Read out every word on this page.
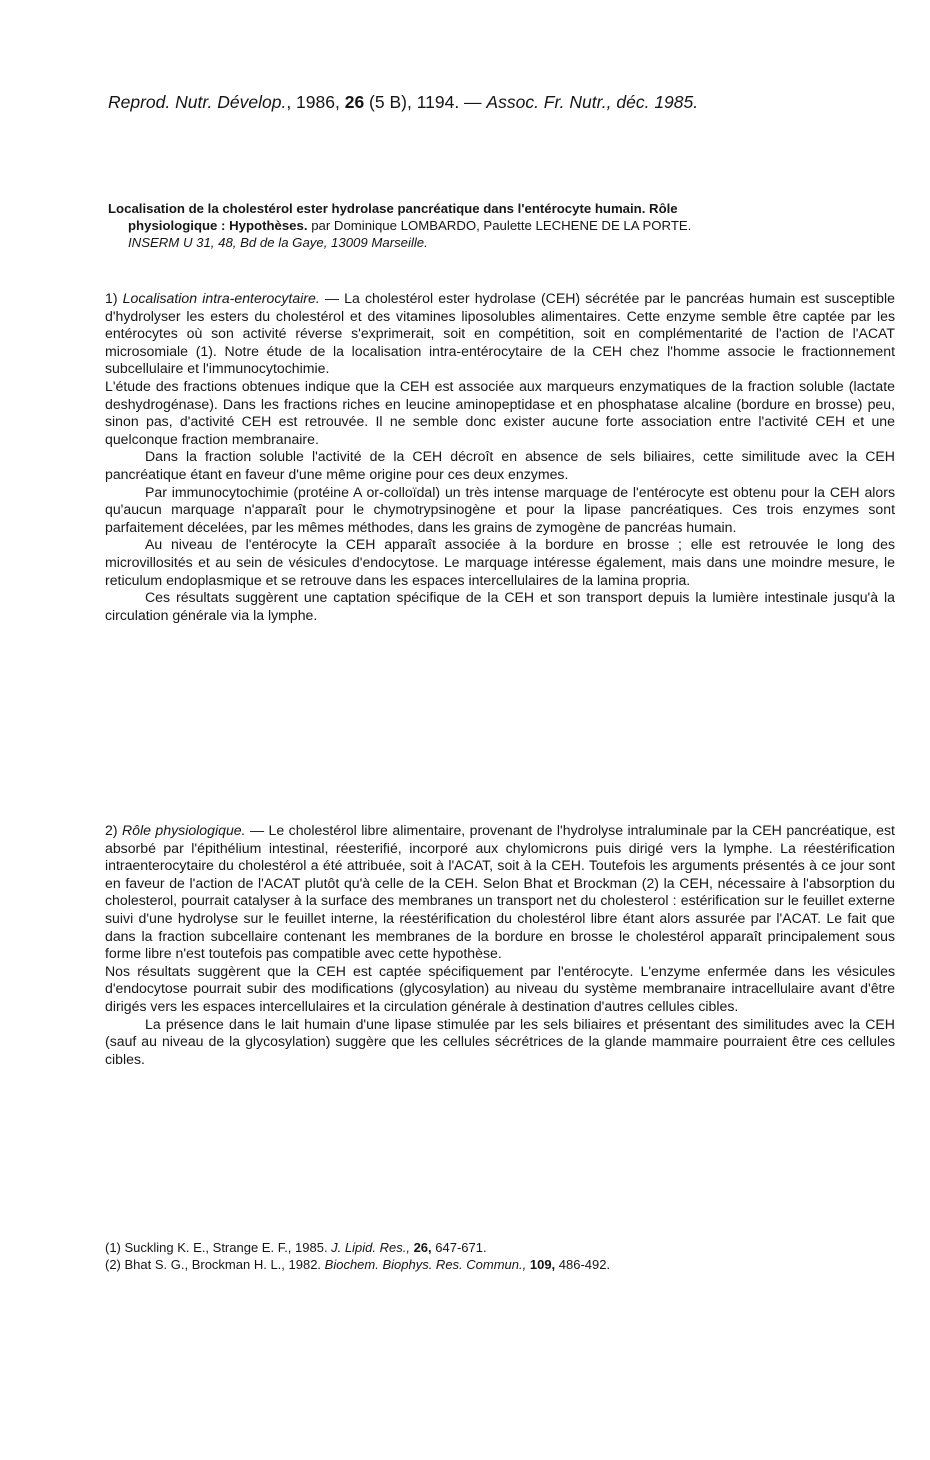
Reprod. Nutr. Dévelop., 1986, 26 (5 B), 1194. — Assoc. Fr. Nutr., déc. 1985.
Localisation de la cholestérol ester hydrolase pancréatique dans l'entérocyte humain. Rôle
physiologique : Hypothèses. par Dominique LOMBARDO, Paulette LECHENE DE LA PORTE.
INSERM U 31, 48, Bd de la Gaye, 13009 Marseille.

1) Localisation intra-enterocytaire. — La cholestérol ester hydrolase (CEH) sécrétée par le pancréas humain est susceptible d'hydrolyser les esters du cholestérol et des vitamines liposolubles alimentaires. Cette enzyme semble être captée par les entérocytes où son activité réverse s'exprimerait, soit en compétition, soit en complémentarité de l'action de l'ACAT microsomiale (1). Notre étude de la localisation intra-entérocytaire de la CEH chez l'homme associe le fractionnement subcellulaire et l'immunocytochimie.

L'étude des fractions obtenues indique que la CEH est associée aux marqueurs enzymatiques de la fraction soluble (lactate deshydrogénase). Dans les fractions riches en leucine aminopeptidase et en phosphatase alcaline (bordure en brosse) peu, sinon pas, d'activité CEH est retrouvée. Il ne semble donc exister aucune forte association entre l'activité CEH et une quelconque fraction membranaire.

Dans la fraction soluble l'activité de la CEH décroît en absence de sels biliaires, cette similitude avec la CEH pancréatique étant en faveur d'une même origine pour ces deux enzymes.

Par immunocytochimie (protéine A or-colloïdal) un très intense marquage de l'entérocyte est obtenu pour la CEH alors qu'aucun marquage n'apparaît pour le chymotrypsinogène et pour la lipase pancréatiques. Ces trois enzymes sont parfaitement décelées, par les mêmes méthodes, dans les grains de zymogène de pancréas humain.

Au niveau de l'entérocyte la CEH apparaît associée à la bordure en brosse ; elle est retrouvée le long des microvillosités et au sein de vésicules d'endocytose. Le marquage intéresse également, mais dans une moindre mesure, le reticulum endoplasmique et se retrouve dans les espaces intercellulaires de la lamina propria.

Ces résultats suggèrent une captation spécifique de la CEH et son transport depuis la lumière intestinale jusqu'à la circulation générale via la lymphe.

2) Rôle physiologique. — Le cholestérol libre alimentaire, provenant de l'hydrolyse intraluminale par la CEH pancréatique, est absorbé par l'épithélium intestinal, réesterifié, incorporé aux chylomicrons puis dirigé vers la lymphe. La réestérification intraenterocytaire du cholestérol a été attribuée, soit à l'ACAT, soit à la CEH. Toutefois les arguments présentés à ce jour sont en faveur de l'action de l'ACAT plutôt qu'à celle de la CEH. Selon Bhat et Brockman (2) la CEH, nécessaire à l'absorption du cholesterol, pourrait catalyser à la surface des membranes un transport net du cholesterol : estérification sur le feuillet externe suivi d'une hydrolyse sur le feuillet interne, la réestérification du cholestérol libre étant alors assurée par l'ACAT. Le fait que dans la fraction subcellaire contenant les membranes de la bordure en brosse le cholestérol apparaît principalement sous forme libre n'est toutefois pas compatible avec cette hypothèse.

Nos résultats suggèrent que la CEH est captée spécifiquement par l'entérocyte. L'enzyme enfermée dans les vésicules d'endocytose pourrait subir des modifications (glycosylation) au niveau du système membranaire intracellulaire avant d'être dirigés vers les espaces intercellulaires et la circulation générale à destination d'autres cellules cibles.

La présence dans le lait humain d'une lipase stimulée par les sels biliaires et présentant des similitudes avec la CEH (sauf au niveau de la glycosylation) suggère que les cellules sécrétrices de la glande mammaire pourraient être ces cellules cibles.

(1) Suckling K. E., Strange E. F., 1985. J. Lipid. Res., 26, 647-671.

(2) Bhat S. G., Brockman H. L., 1982. Biochem. Biophys. Res. Commun., 109, 486-492.
